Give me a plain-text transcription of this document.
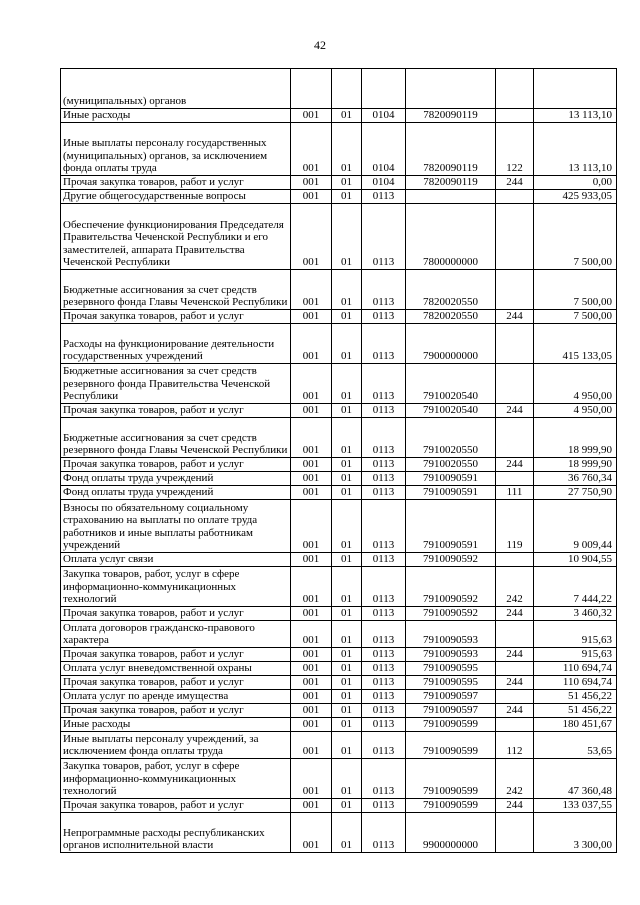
42
(муниципальных) органов						
Иные расходы	001	01	0104	7820090119		13 113,10
Иные выплаты персоналу государственных (муниципальных) органов, за исключением фонда оплаты труда	001	01	0104	7820090119	122	13 113,10
Прочая закупка товаров, работ и услуг	001	01	0104	7820090119	244	0,00
Другие общегосударственные вопросы	001	01	0113			425 933,05
Обеспечение функционирования Председателя Правительства Чеченской Республики и его заместителей, аппарата Правительства Чеченской Республики	001	01	0113	7800000000		7 500,00
Бюджетные ассигнования за счет средств резервного фонда Главы Чеченской Республики	001	01	0113	7820020550		7 500,00
Прочая закупка товаров, работ и услуг	001	01	0113	7820020550	244	7 500,00
Расходы на функционирование деятельности государственных учреждений	001	01	0113	7900000000		415 133,05
Бюджетные ассигнования за счет средств резервного фонда Правительства Чеченской Республики	001	01	0113	7910020540		4 950,00
Прочая закупка товаров, работ и услуг	001	01	0113	7910020540	244	4 950,00
Бюджетные ассигнования за счет средств резервного фонда Главы Чеченской Республики	001	01	0113	7910020550		18 999,90
Прочая закупка товаров, работ и услуг	001	01	0113	7910020550	244	18 999,90
Фонд оплаты труда учреждений	001	01	0113	7910090591		36 760,34
Фонд оплаты труда учреждений	001	01	0113	7910090591	111	27 750,90
Взносы по обязательному социальному страхованию на выплаты по оплате труда работников и иные выплаты работникам учреждений	001	01	0113	7910090591	119	9 009,44
Оплата услуг связи	001	01	0113	7910090592		10 904,55
Закупка товаров, работ, услуг в сфере информационно-коммуникационных технологий	001	01	0113	7910090592	242	7 444,22
Прочая закупка товаров, работ и услуг	001	01	0113	7910090592	244	3 460,32
Оплата договоров гражданско-правового характера	001	01	0113	7910090593		915,63
Прочая закупка товаров, работ и услуг	001	01	0113	7910090593	244	915,63
Оплата услуг вневедомственной охраны	001	01	0113	7910090595		110 694,74
Прочая закупка товаров, работ и услуг	001	01	0113	7910090595	244	110 694,74
Оплата услуг по аренде имущества	001	01	0113	7910090597		51 456,22
Прочая закупка товаров, работ и услуг	001	01	0113	7910090597	244	51 456,22
Иные расходы	001	01	0113	7910090599		180 451,67
Иные выплаты персоналу учреждений, за исключением фонда оплаты труда	001	01	0113	7910090599	112	53,65
Закупка товаров, работ, услуг в сфере информационно-коммуникационных технологий	001	01	0113	7910090599	242	47 360,48
Прочая закупка товаров, работ и услуг	001	01	0113	7910090599	244	133 037,55
Непрограммные расходы республиканских органов исполнительной власти	001	01	0113	9900000000		3 300,00
